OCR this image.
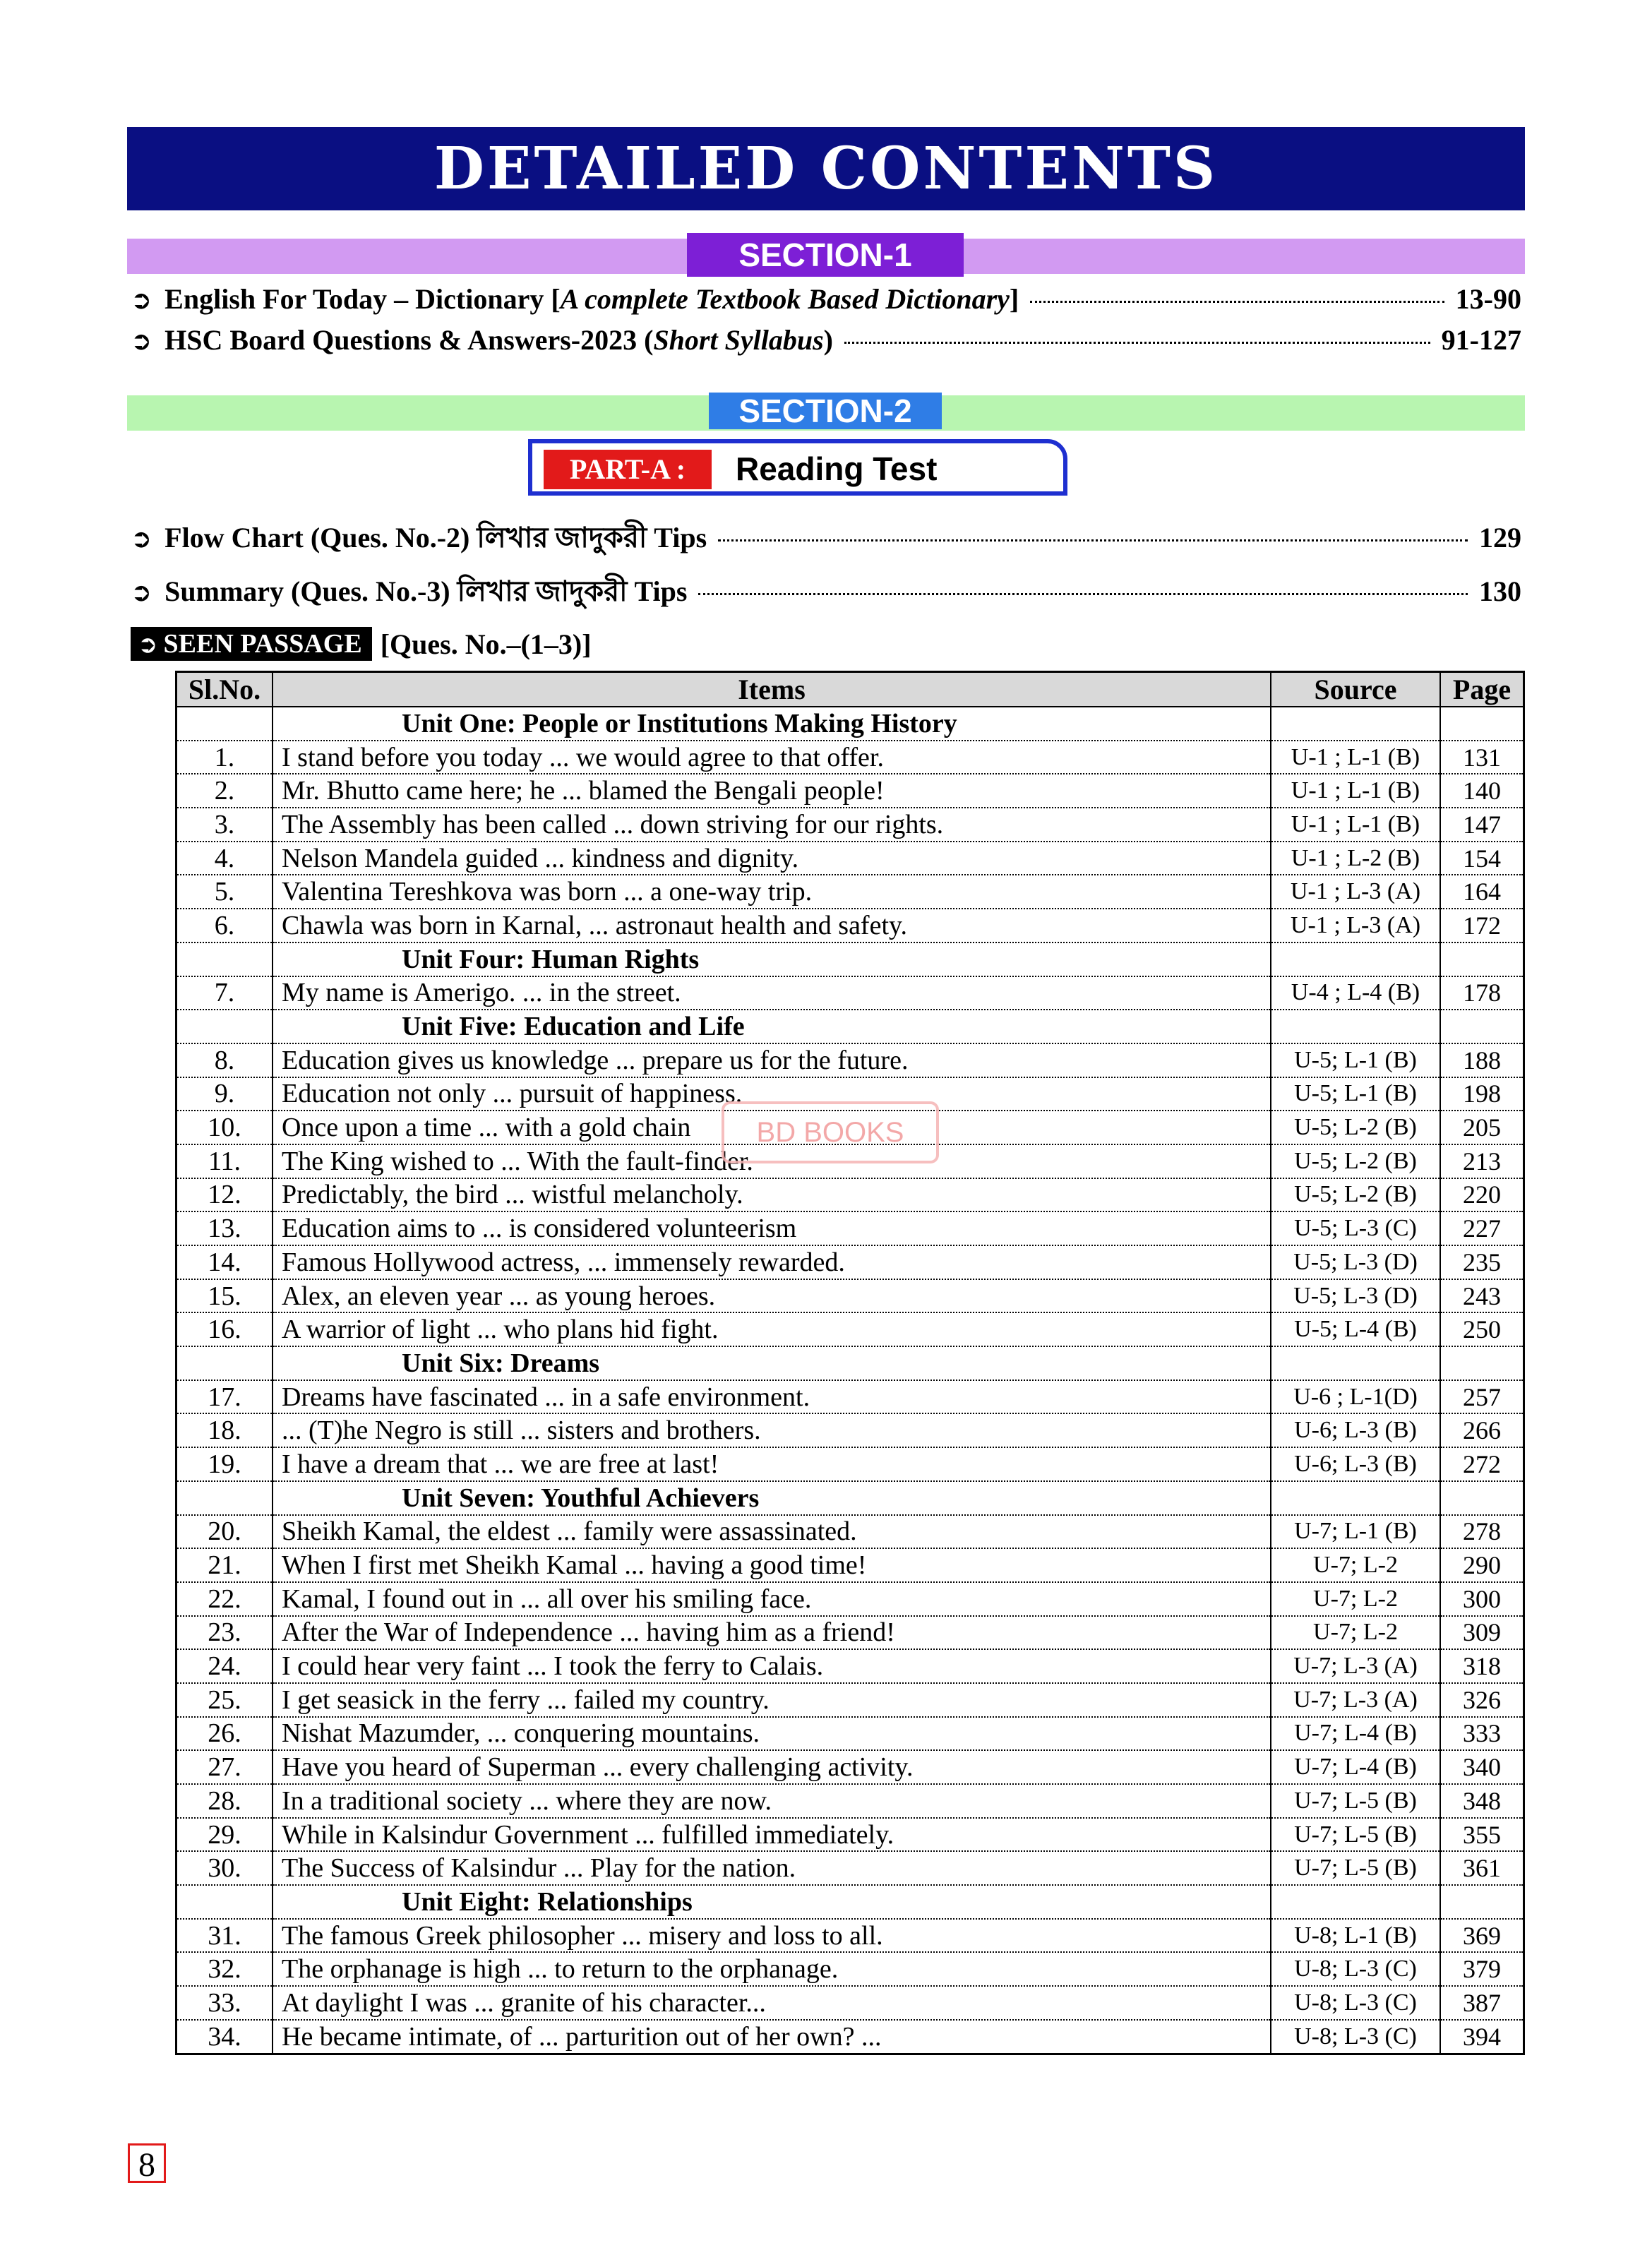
DETAILED CONTENTS
SECTION-1
➲ English For Today – Dictionary [A complete Textbook Based Dictionary]	13-90
➲ HSC Board Questions & Answers-2023 (Short Syllabus)	91-127
SECTION-2
PART-A :	Reading Test
➲ Flow Chart (Ques. No.-2) লিখার জাদুকরী Tips	129
➲ Summary (Ques. No.-3) লিখার জাদুকরী Tips	130
➲ SEEN PASSAGE [Ques. No.–(1–3)]
Sl.No.	Items	Source	Page
	Unit One: People or Institutions Making History		
1.	I stand before you today ... we would agree to that offer.	U-1 ; L-1 (B)	131
2.	Mr. Bhutto came here; he ... blamed the Bengali people!	U-1 ; L-1 (B)	140
3.	The Assembly has been called ... down striving for our rights.	U-1 ; L-1 (B)	147
4.	Nelson Mandela guided ... kindness and dignity.	U-1 ; L-2 (B)	154
5.	Valentina Tereshkova was born ... a one-way trip.	U-1 ; L-3 (A)	164
6.	Chawla was born in Karnal, ... astronaut health and safety.	U-1 ; L-3 (A)	172
	Unit Four: Human Rights		
7.	My name is Amerigo. ... in the street.	U-4 ; L-4 (B)	178
	Unit Five: Education and Life		
8.	Education gives us knowledge ... prepare us for the future.	U-5; L-1 (B)	188
9.	Education not only ... pursuit of happiness.	U-5; L-1 (B)	198
10.	Once upon a time ... with a gold chain	U-5; L-2 (B)	205
11.	The King wished to ... With the fault-finder.	U-5; L-2 (B)	213
12.	Predictably, the bird ... wistful melancholy.	U-5; L-2 (B)	220
13.	Education aims to ... is considered volunteerism	U-5; L-3 (C)	227
14.	Famous Hollywood actress, ... immensely rewarded.	U-5; L-3 (D)	235
15.	Alex, an eleven year ... as young heroes.	U-5; L-3 (D)	243
16.	A warrior of light ... who plans hid fight.	U-5; L-4 (B)	250
	Unit Six: Dreams		
17.	Dreams have fascinated ... in a safe environment.	U-6 ; L-1(D)	257
18.	... (T)he Negro is still ... sisters and brothers.	U-6; L-3 (B)	266
19.	I have a dream that ... we are free at last!	U-6; L-3 (B)	272
	Unit Seven: Youthful Achievers		
20.	Sheikh Kamal, the eldest ... family were assassinated.	U-7; L-1 (B)	278
21.	When I first met Sheikh Kamal ... having a good time!	U-7; L-2	290
22.	Kamal, I found out in ... all over his smiling face.	U-7; L-2	300
23.	After the War of Independence ... having him as a friend!	U-7; L-2	309
24.	I could hear very faint ... I took the ferry to Calais.	U-7; L-3 (A)	318
25.	I get seasick in the ferry ... failed my country.	U-7; L-3 (A)	326
26.	Nishat Mazumder, ... conquering mountains.	U-7; L-4 (B)	333
27.	Have you heard of Superman ... every challenging activity.	U-7; L-4 (B)	340
28.	In a traditional society ... where they are now.	U-7; L-5 (B)	348
29.	While in Kalsindur Government ... fulfilled immediately.	U-7; L-5 (B)	355
30.	The Success of Kalsindur ... Play for the nation.	U-7; L-5 (B)	361
	Unit Eight: Relationships		
31.	The famous Greek philosopher ... misery and loss to all.	U-8; L-1 (B)	369
32.	The orphanage is high ... to return to the orphanage.	U-8; L-3 (C)	379
33.	At daylight I was ... granite of his character...	U-8; L-3 (C)	387
34.	He became intimate, of ... parturition out of her own? ...	U-8; L-3 (C)	394
BD BOOKS
8
